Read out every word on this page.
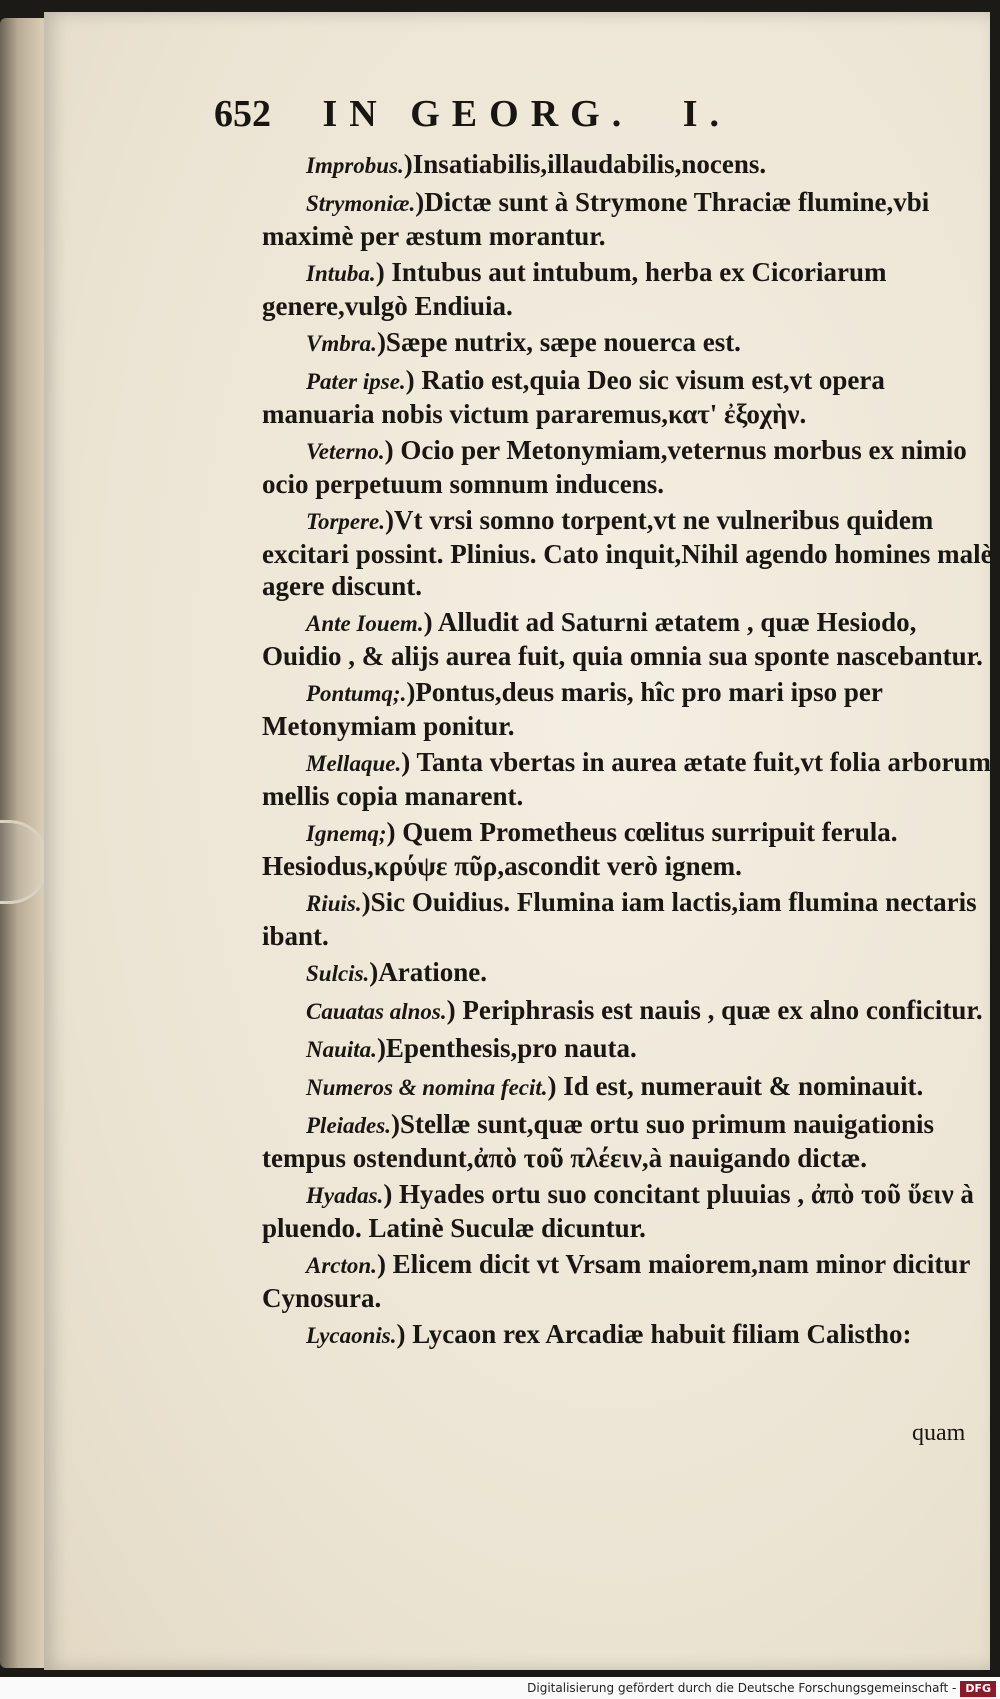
652 IN GEORG. I.

Improbus.)Insatiabilis,illaudabilis,nocens.

Strymoniæ.)Dictæ sunt à Strymone Thraciæ flumine,vbi maximè per æstum morantur.

Intuba.) Intubus aut intubum, herba ex Cicoriarum genere,vulgò Endiuia.

Vmbra.)Sæpe nutrix, sæpe nouerca est.

Pater ipse.) Ratio est,quia Deo sic visum est,vt opera manuaria nobis victum pararemus,κατ' ἐξοχὴν.

Veterno.) Ocio per Metonymiam,veternus morbus ex nimio ocio perpetuum somnum inducens.

Torpere.)Vt vrsi somno torpent,vt ne vulneribus quidem excitari possint. Plinius. Cato inquit,Nihil agendo homines malè agere discunt.

Ante Iouem.) Alludit ad Saturni ætatem , quæ Hesiodo, Ouidio , & alijs aurea fuit, quia omnia sua sponte nascebantur.

Pontumq;.)Pontus,deus maris, hîc pro mari ipso per Metonymiam ponitur.

Mellaque.) Tanta vbertas in aurea ætate fuit,vt folia arborum mellis copia manarent.

Ignemq;) Quem Prometheus cœlitus surripuit ferula. Hesiodus,κρύψε πῦρ,ascondit verò ignem.

Riuis.)Sic Ouidius. Flumina iam lactis,iam flumina nectaris ibant.

Sulcis.)Aratione.

Cauatas alnos.) Periphrasis est nauis , quæ ex alno conficitur.

Nauita.)Epenthesis,pro nauta.

Numeros & nomina fecit.) Id est, numerauit & nominauit.

Pleiades.)Stellæ sunt,quæ ortu suo primum nauigationis tempus ostendunt,ἀπὸ τοῦ πλέειν,à nauigando dictæ.

Hyadas.) Hyades ortu suo concitant pluuias , ἀπὸ τοῦ ὕειν à pluendo. Latinè Suculæ dicuntur.

Arcton.) Elicem dicit vt Vrsam maiorem,nam minor dicitur Cynosura.

Lycaonis.) Lycaon rex Arcadiæ habuit filiam Calistho:

quam
Digitalisierung gefördert durch die Deutsche Forschungsgemeinschaft - DFG
